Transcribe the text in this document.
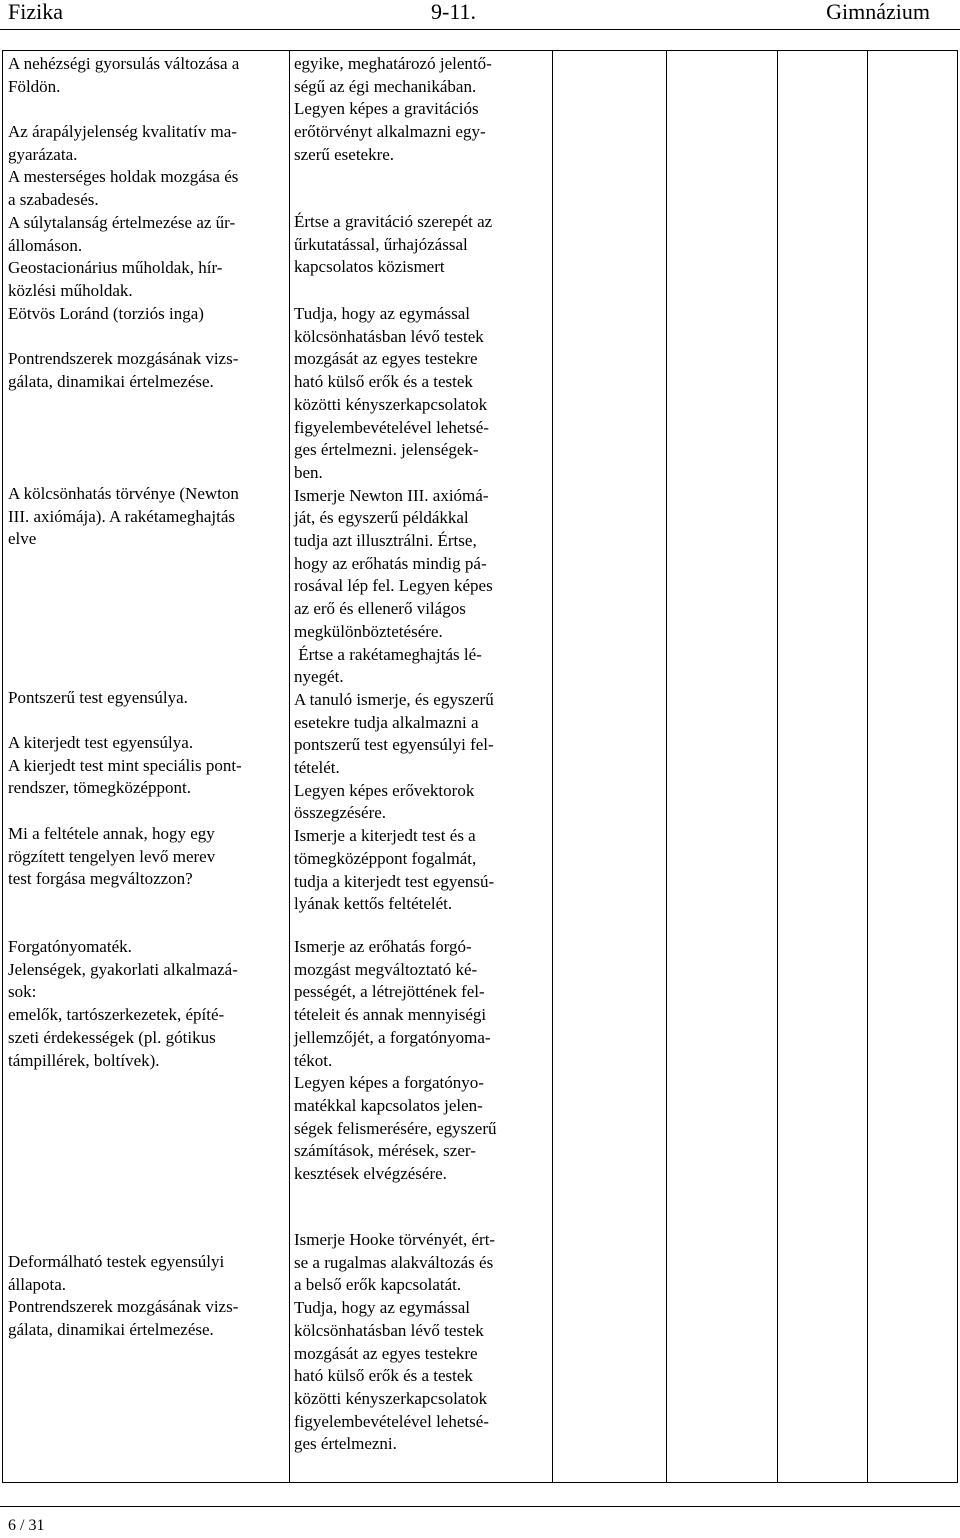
Fizika	9-11.	Gimnázium
A nehézségi gyorsulás változása a
Földön.
Az árapályjelenség kvalitatív ma-
gyarázata.
A mesterséges holdak mozgása és
a szabadesés.
A súlytalanság értelmezése az űr-
állomáson.
Geostacionárius műholdak, hír-
közlési műholdak.
Eötvös Loránd (torziós inga)
Pontrendszerek mozgásának vizs-
gálata, dinamikai értelmezése.
A kölcsönhatás törvénye (Newton
III. axiómája). A rakétameghajtás
elve
Pontszerű test egyensúlya.
A kiterjedt test egyensúlya.
A kierjedt test mint speciális pont-
rendszer, tömegközéppont.
Mi a feltétele annak, hogy egy
rögzített tengelyen levő merev
test forgása megváltozzon?
Forgatónyomaték.
Jelenségek, gyakorlati alkalmazá-
sok:
emelők, tartószerkezetek, építé-
szeti érdekességek (pl. gótikus
támpillérek, boltívek).
Deformálható testek egyensúlyi
állapota.
Pontrendszerek mozgásának vizs-
gálata, dinamikai értelmezése.
egyike, meghatározó jelentő-
ségű az égi mechanikában.
Legyen képes a gravitációs
erőtörvényt alkalmazni egy-
szerű esetekre.
Értse a gravitáció szerepét az
űrkutatással, űrhajózással
kapcsolatos közismert
Tudja, hogy az egymással
kölcsönhatásban lévő testek
mozgását az egyes testekre
ható külső erők és a testek
közötti kényszerkapcsolatok
figyelembevételével lehetsé-
ges értelmezni. jelenségek-
ben.
Ismerje Newton III. axiómá-
ját, és egyszerű példákkal
tudja azt illusztrálni. Értse,
hogy az erőhatás mindig pá-
rosával lép fel. Legyen képes
az erő és ellenerő világos
megkülönböztetésére.
Értse a rakétameghajtás lé-
nyegét.
A tanuló ismerje, és egyszerű
esetekre tudja alkalmazni a
pontszerű test egyensúlyi fel-
tételét.
Legyen képes erővektorok
összegzésére.
Ismerje a kiterjedt test és a
tömegközéppont fogalmát,
tudja a kiterjedt test egyensú-
lyának kettős feltételét.
Ismerje az erőhatás forgó-
mozgást megváltoztató ké-
pességét, a létrejöttének fel-
tételeit és annak mennyiségi
jellemzőjét, a forgatónyoma-
tékot.
Legyen képes a forgatónyo-
matékkal kapcsolatos jelen-
ségek felismerésére, egyszerű
számítások, mérések, szer-
kesztések elvégzésére.
Ismerje Hooke törvényét, ért-
se a rugalmas alakváltozás és
a belső erők kapcsolatát.
Tudja, hogy az egymással
kölcsönhatásban lévő testek
mozgását az egyes testekre
ható külső erők és a testek
közötti kényszerkapcsolatok
figyelembevételével lehetsé-
ges értelmezni.
6 / 31
